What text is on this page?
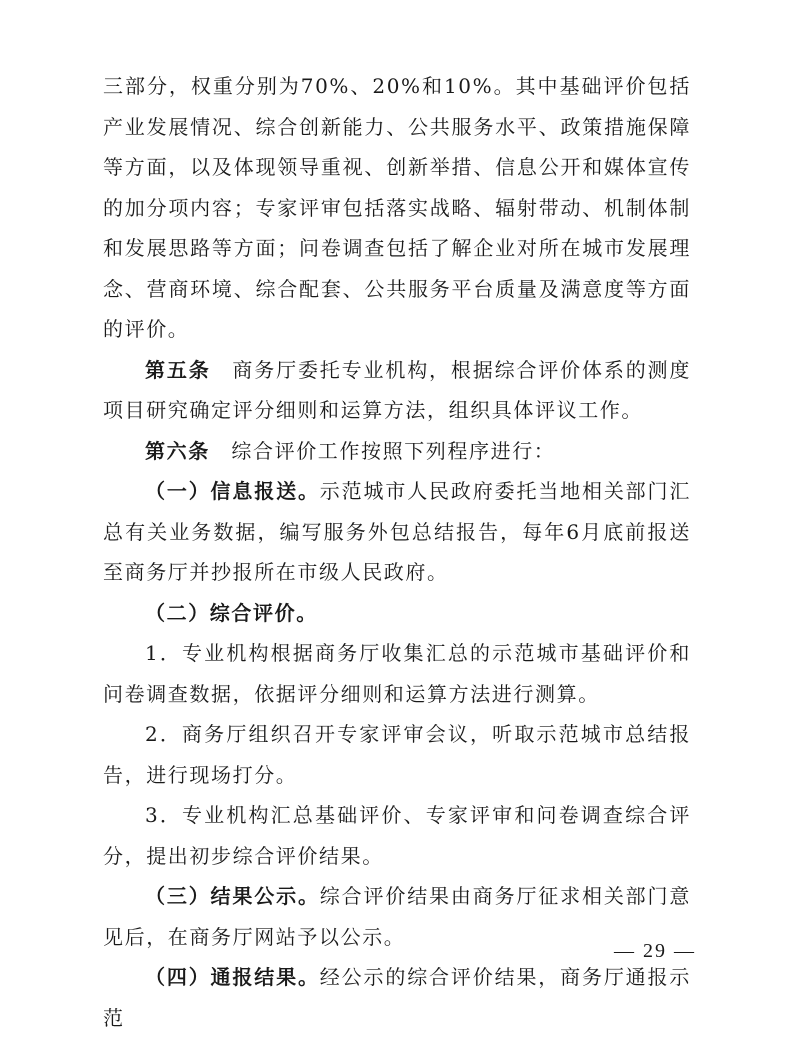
三部分，权重分别为70%、20%和10%。其中基础评价包括产业发展情况、综合创新能力、公共服务水平、政策措施保障等方面，以及体现领导重视、创新举措、信息公开和媒体宣传的加分项内容；专家评审包括落实战略、辐射带动、机制体制和发展思路等方面；问卷调查包括了解企业对所在城市发展理念、营商环境、综合配套、公共服务平台质量及满意度等方面的评价。

第五条　商务厅委托专业机构，根据综合评价体系的测度项目研究确定评分细则和运算方法，组织具体评议工作。

第六条　综合评价工作按照下列程序进行：

（一）信息报送。示范城市人民政府委托当地相关部门汇总有关业务数据，编写服务外包总结报告，每年6月底前报送至商务厅并抄报所在市级人民政府。

（二）综合评价。

1．专业机构根据商务厅收集汇总的示范城市基础评价和问卷调查数据，依据评分细则和运算方法进行测算。

2．商务厅组织召开专家评审会议，听取示范城市总结报告，进行现场打分。

3．专业机构汇总基础评价、专家评审和问卷调查综合评分，提出初步综合评价结果。

（三）结果公示。综合评价结果由商务厅征求相关部门意见后，在商务厅网站予以公示。

（四）通报结果。经公示的综合评价结果，商务厅通报示范

— 29 —
